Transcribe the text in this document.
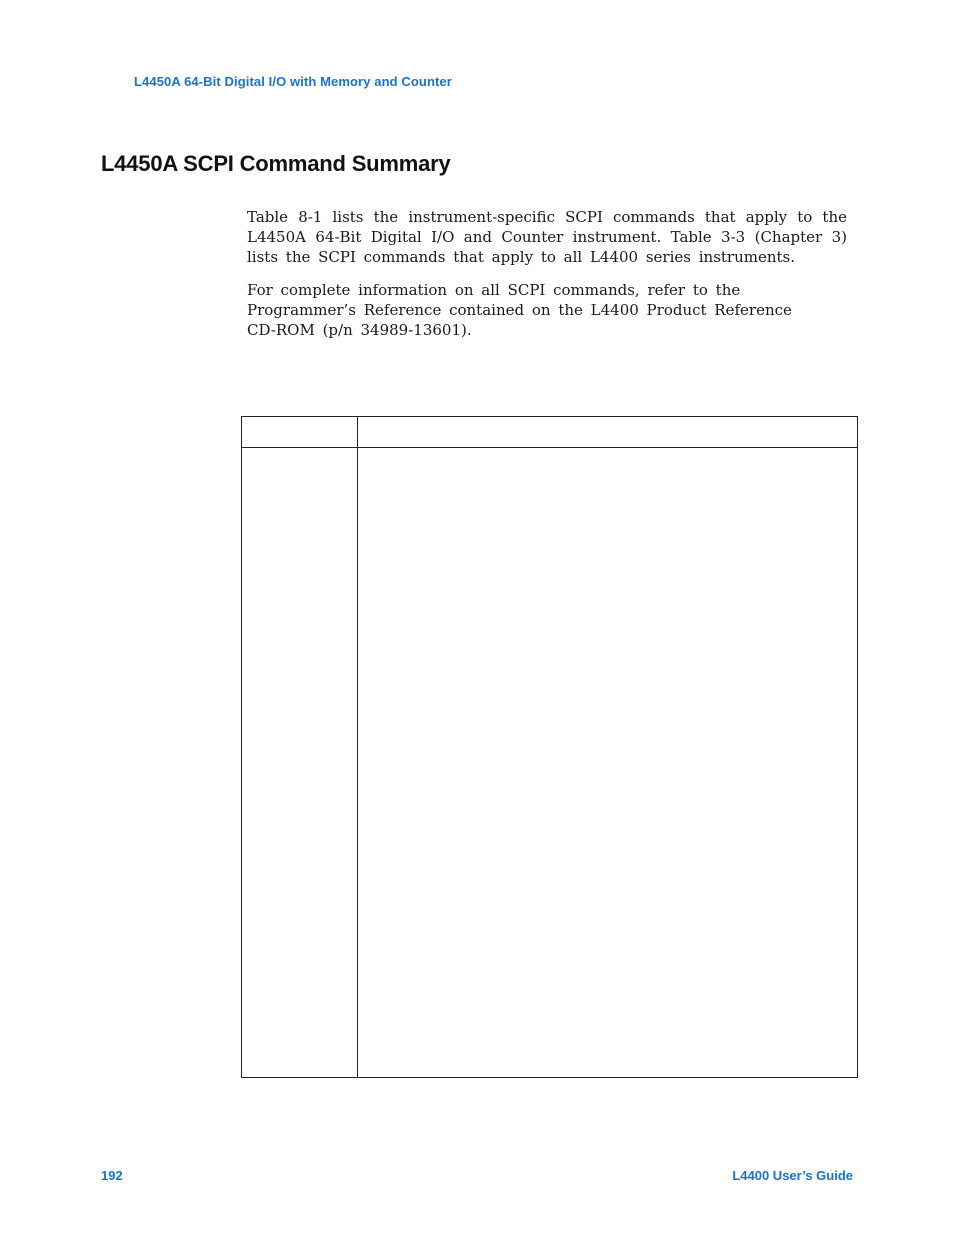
L4450A 64-Bit Digital I/O with Memory and Counter
L4450A SCPI Command Summary
Table 8-1 lists the instrument-specific SCPI commands that apply to the
L4450A 64-Bit Digital I/O and Counter instrument. Table 3-3 (Chapter 3)
lists the SCPI commands that apply to all L4400 series instruments.
For complete information on all SCPI commands, refer to the
Programmer’s Reference contained on the L4400 Product Reference
CD-ROM (p/n 34989-13601).
192	L4400 User’s Guide
